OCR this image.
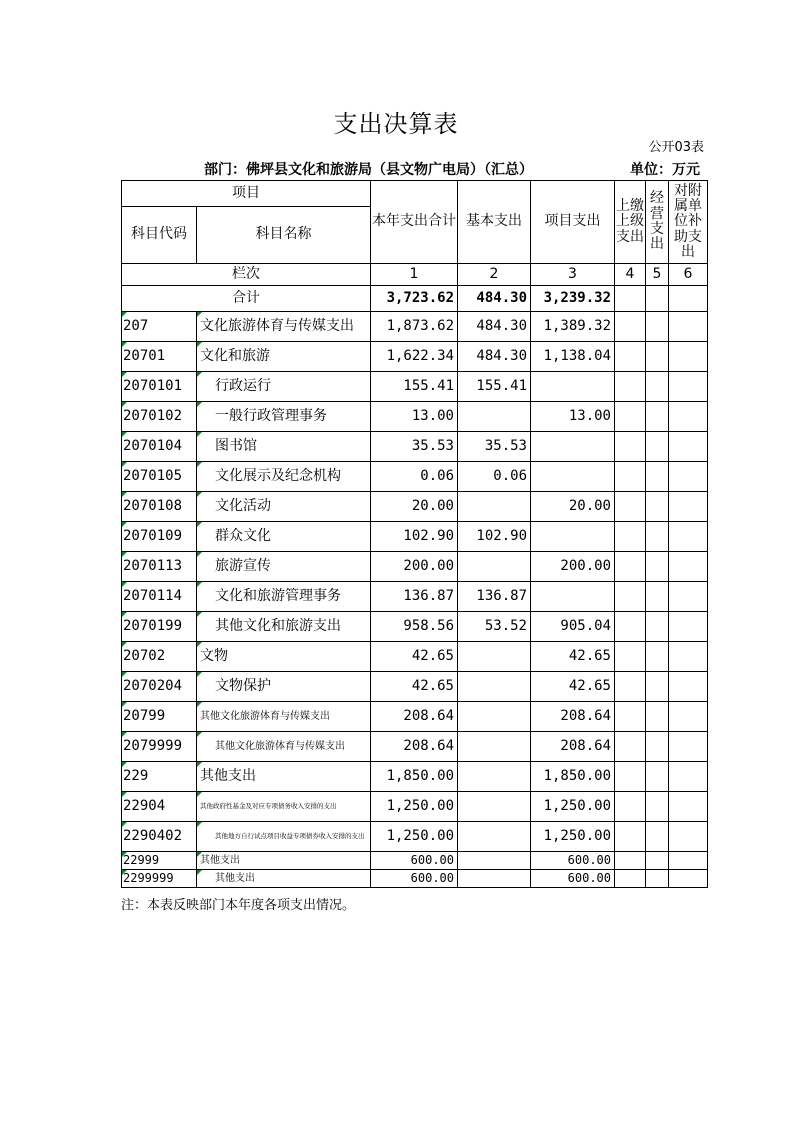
支出决算表
公开03表
部门：佛坪县文化和旅游局（县文物广电局）（汇总）	单位：万元
项目		本年支出合计	基本支出	项目支出	上缴上级支出	经营支出	对附属单位补助支出
科目代码	科目名称						
栏次		1	2	3	4	5	6
合计		3,723.62	484.30	3,239.32			
207	文化旅游体育与传媒支出	1,873.62	484.30	1,389.32			
20701	文化和旅游	1,622.34	484.30	1,138.04			
2070101	行政运行	155.41	155.41				
2070102	一般行政管理事务	13.00		13.00			
2070104	图书馆	35.53	35.53				
2070105	文化展示及纪念机构	0.06	0.06				
2070108	文化活动	20.00		20.00			
2070109	群众文化	102.90	102.90				
2070113	旅游宣传	200.00		200.00			
2070114	文化和旅游管理事务	136.87	136.87				
2070199	其他文化和旅游支出	958.56	53.52	905.04			
20702	文物	42.65		42.65			
2070204	文物保护	42.65		42.65			
20799	其他文化旅游体育与传媒支出	208.64		208.64			
2079999	其他文化旅游体育与传媒支出	208.64		208.64			
229	其他支出	1,850.00		1,850.00			
22904	其他政府性基金及对应专项债务收入安排的支出	1,250.00		1,250.00			
2290402	其他地方自行试点项目收益专项债券收入安排的支出	1,250.00		1,250.00			
22999	其他支出	600.00		600.00			
2299999	其他支出	600.00		600.00			
注：本表反映部门本年度各项支出情况。
